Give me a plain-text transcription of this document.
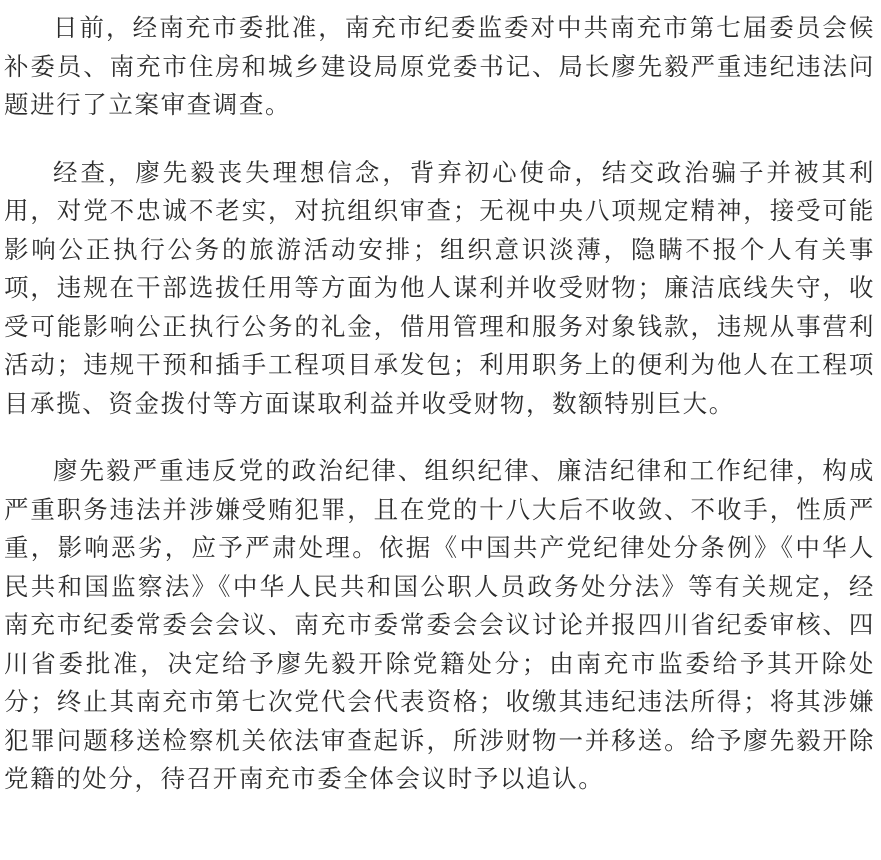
日前，经南充市委批准，南充市纪委监委对中共南充市第七届委员会候补委员、南充市住房和城乡建设局原党委书记、局长廖先毅严重违纪违法问题进行了立案审查调查。

经查，廖先毅丧失理想信念，背弃初心使命，结交政治骗子并被其利用，对党不忠诚不老实，对抗组织审查；无视中央八项规定精神，接受可能影响公正执行公务的旅游活动安排；组织意识淡薄，隐瞒不报个人有关事项，违规在干部选拔任用等方面为他人谋利并收受财物；廉洁底线失守，收受可能影响公正执行公务的礼金，借用管理和服务对象钱款，违规从事营利活动；违规干预和插手工程项目承发包；利用职务上的便利为他人在工程项目承揽、资金拨付等方面谋取利益并收受财物，数额特别巨大。

廖先毅严重违反党的政治纪律、组织纪律、廉洁纪律和工作纪律，构成严重职务违法并涉嫌受贿犯罪，且在党的十八大后不收敛、不收手，性质严重，影响恶劣，应予严肃处理。依据《中国共产党纪律处分条例》《中华人民共和国监察法》《中华人民共和国公职人员政务处分法》等有关规定，经南充市纪委常委会会议、南充市委常委会会议讨论并报四川省纪委审核、四川省委批准，决定给予廖先毅开除党籍处分；由南充市监委给予其开除处分；终止其南充市第七次党代会代表资格；收缴其违纪违法所得；将其涉嫌犯罪问题移送检察机关依法审查起诉，所涉财物一并移送。给予廖先毅开除党籍的处分，待召开南充市委全体会议时予以追认。
